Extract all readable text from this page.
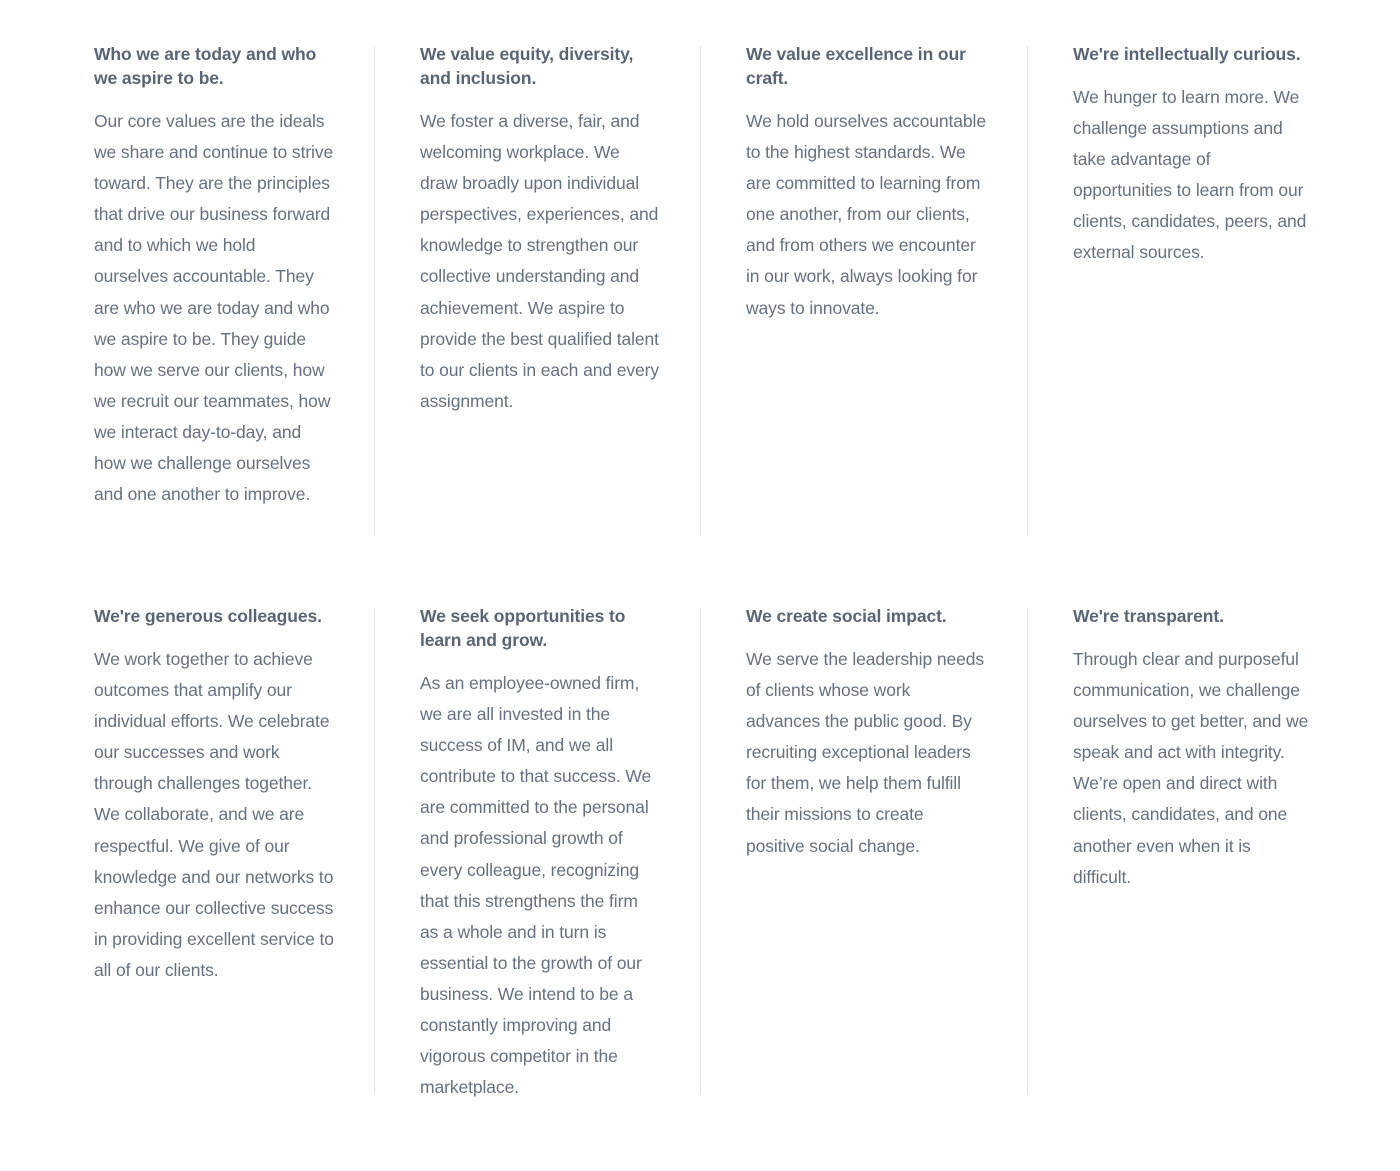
Who we are today and who we aspire to be.

Our core values are the ideals we share and continue to strive toward. They are the principles that drive our business forward and to which we hold ourselves accountable. They are who we are today and who we aspire to be. They guide how we serve our clients, how we recruit our teammates, how we interact day-to-day, and how we challenge ourselves and one another to improve.

We value equity, diversity, and inclusion.

We foster a diverse, fair, and welcoming workplace. We draw broadly upon individual perspectives, experiences, and knowledge to strengthen our collective understanding and achievement. We aspire to provide the best qualified talent to our clients in each and every assignment.

We value excellence in our craft.

We hold ourselves accountable to the highest standards. We are committed to learning from one another, from our clients, and from others we encounter in our work, always looking for ways to innovate.

We're intellectually curious.

We hunger to learn more. We challenge assumptions and take advantage of opportunities to learn from our clients, candidates, peers, and external sources.

We're generous colleagues.

We work together to achieve outcomes that amplify our individual efforts. We celebrate our successes and work through challenges together. We collaborate, and we are respectful. We give of our knowledge and our networks to enhance our collective success in providing excellent service to all of our clients.

We seek opportunities to learn and grow.

As an employee-owned firm, we are all invested in the success of IM, and we all contribute to that success. We are committed to the personal and professional growth of every colleague, recognizing that this strengthens the firm as a whole and in turn is essential to the growth of our business. We intend to be a constantly improving and vigorous competitor in the marketplace.

We create social impact.

We serve the leadership needs of clients whose work advances the public good. By recruiting exceptional leaders for them, we help them fulfill their missions to create positive social change.

We're transparent.

Through clear and purposeful communication, we challenge ourselves to get better, and we speak and act with integrity. We’re open and direct with clients, candidates, and one another even when it is difficult.
